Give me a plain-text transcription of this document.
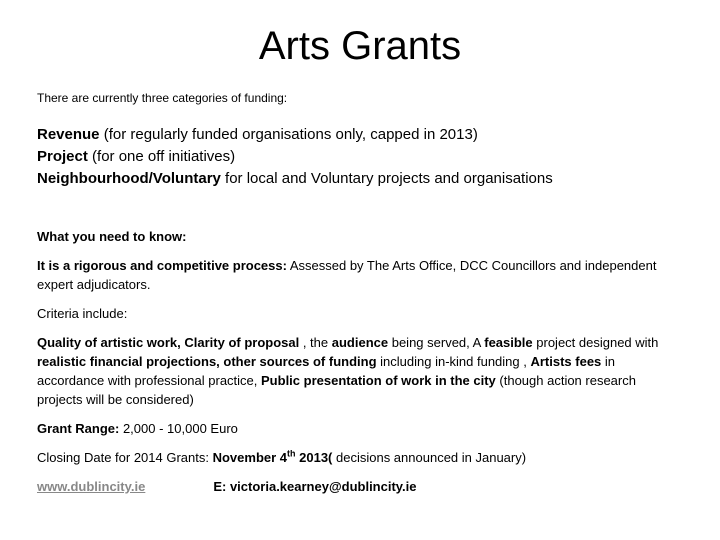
Arts Grants
There are currently three categories of funding:
Revenue (for regularly funded organisations only, capped in 2013)
Project (for one off initiatives)
Neighbourhood/Voluntary for local and Voluntary projects and organisations

What you need to know:

It is a rigorous and competitive process: Assessed by The Arts Office, DCC Councillors and independent expert adjudicators.

Criteria include:

Quality of artistic work, Clarity of proposal , the audience being served, A feasible project designed with realistic financial projections, other sources of funding including in-kind funding , Artists fees in accordance with professional practice, Public presentation of work in the city (though action research projects will be considered)

Grant Range: 2,000 - 10,000 Euro

Closing Date for 2014 Grants: November 4th 2013( decisions announced in January)

www.dublincity.ie	E: victoria.kearney@dublincity.ie
